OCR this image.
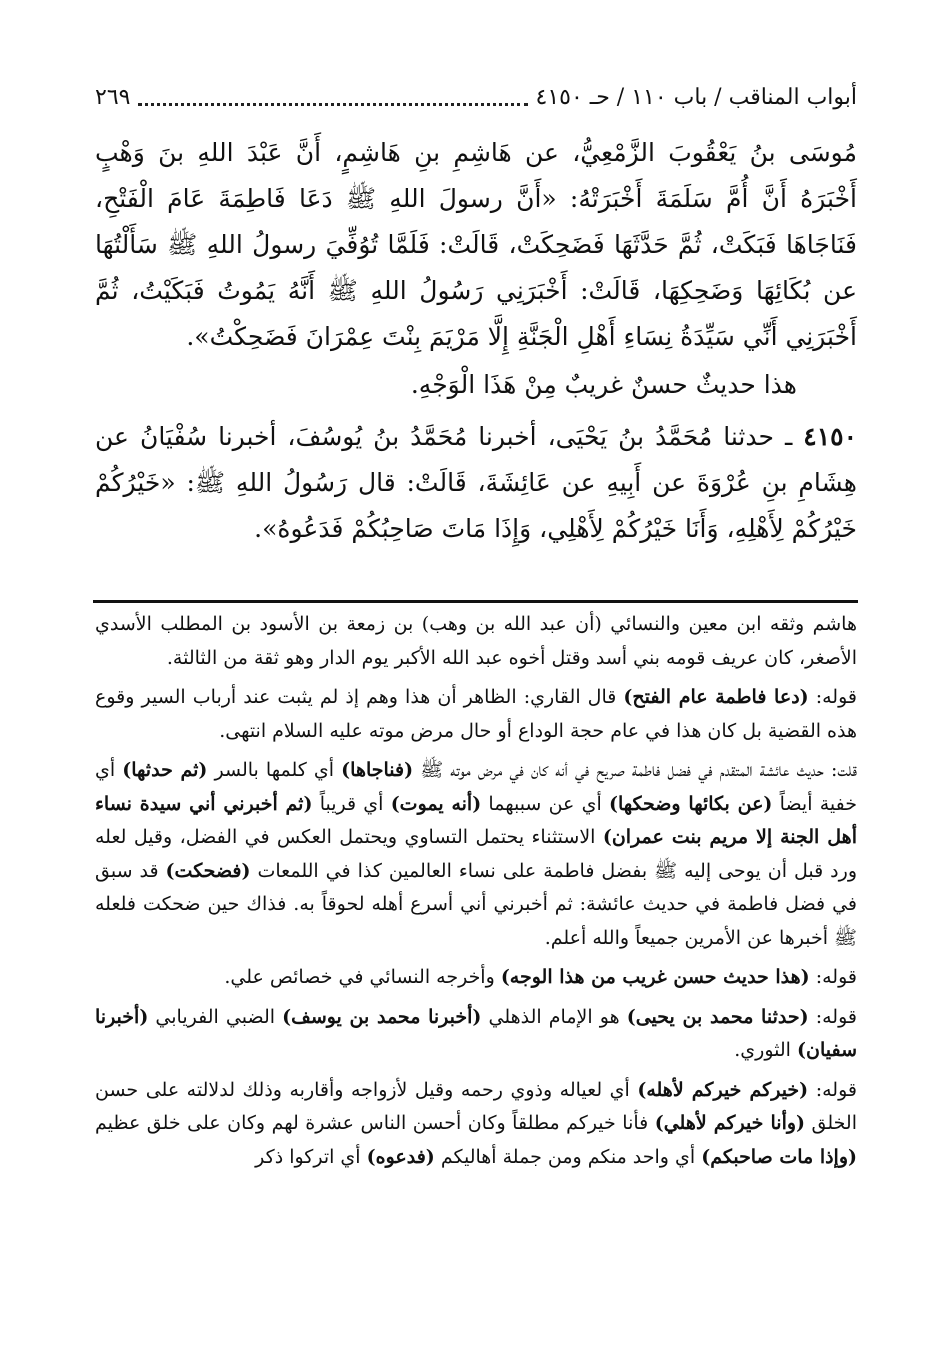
أبواب المناقب / باب ١١٠ / حـ ٤١٥٠
٢٦٩

مُوسَى بنُ يَعْقُوبَ الزَّمْعِيُّ، عن هَاشِمِ بنِ هَاشِمٍ، أَنَّ عَبْدَ اللهِ بنَ وَهْبٍ أَخْبَرَهُ أَنَّ أُمَّ سَلَمَةَ أَخْبَرَتْهُ: «أَنَّ رسولَ اللهِ ﷺ دَعَا فَاطِمَةَ عَامَ الْفَتْحِ، فَنَاجَاهَا فَبَكَتْ، ثُمَّ حَدَّثَهَا فَضَحِكَتْ، قَالَتْ: فَلَمَّا تُوُفِّيَ رسولُ اللهِ ﷺ سَأَلْتُهَا عن بُكَائِهَا وَضَحِكِهَا، قَالَتْ: أَخْبَرَنِي رَسُولُ اللهِ ﷺ أَنَّهُ يَمُوتُ فَبَكَيْتُ، ثُمَّ أَخْبَرَنِي أَنِّي سَيِّدَةُ نِسَاءِ أَهْلِ الْجَنَّةِ إِلَّا مَرْيَمَ بِنْتَ عِمْرَانَ فَضَحِكْتُ».

هذا حديثٌ حسنٌ غريبٌ مِنْ هَذَا الْوَجْهِ.

٤١٥٠ ـ حدثنا مُحَمَّدُ بنُ يَحْيَى، أخبرنا مُحَمَّدُ بنُ يُوسُفَ، أخبرنا سُفْيَانُ عن هِشَامِ بنِ عُرْوَةَ عن أَبِيهِ عن عَائِشَةَ، قَالَتْ: قال رَسُولُ اللهِ ﷺ: «خَيْرُكُمْ خَيْرُكُمْ لِأَهْلِهِ، وَأَنَا خَيْرُكُمْ لِأَهْلِي، وَإِذَا مَاتَ صَاحِبُكُمْ فَدَعُوهُ».

هاشم وثقه ابن معين والنسائي (أن عبد الله بن وهب) بن زمعة بن الأسود بن المطلب الأسدي الأصغر، كان عريف قومه بني أسد وقتل أخوه عبد الله الأكبر يوم الدار وهو ثقة من الثالثة.

قوله: (دعا فاطمة عام الفتح) قال القاري: الظاهر أن هذا وهم إذ لم يثبت عند أرباب السير وقوع هذه القضية بل كان هذا في عام حجة الوداع أو حال مرض موته عليه السلام انتهى.

قلت: حديث عائشة المتقدم في فضل فاطمة صريح في أنه كان في مرض موته ﷺ (فناجاها) أي كلمها بالسر (ثم حدثها) أي خفية أيضاً (عن بكائها وضحكها) أي عن سببهما (أنه يموت) أي قريباً (ثم أخبرني أني سيدة نساء أهل الجنة إلا مريم بنت عمران) الاستثناء يحتمل التساوي ويحتمل العكس في الفضل، وقيل لعله ورد قبل أن يوحى إليه ﷺ بفضل فاطمة على نساء العالمين كذا في اللمعات (فضحكت) قد سبق في فضل فاطمة في حديث عائشة: ثم أخبرني أني أسرع أهله لحوقاً به. فذاك حين ضحكت فلعله ﷺ أخبرها عن الأمرين جميعاً والله أعلم.

قوله: (هذا حديث حسن غريب من هذا الوجه) وأخرجه النسائي في خصائص علي.

قوله: (حدثنا محمد بن يحيى) هو الإمام الذهلي (أخبرنا محمد بن يوسف) الضبي الفريابي (أخبرنا سفيان) الثوري.

قوله: (خيركم خيركم لأهله) أي لعياله وذوي رحمه وقيل لأزواجه وأقاربه وذلك لدلالته على حسن الخلق (وأنا خيركم لأهلي) فأنا خيركم مطلقاً وكان أحسن الناس عشرة لهم وكان على خلق عظيم (وإذا مات صاحبكم) أي واحد منكم ومن جملة أهاليكم (فدعوه) أي اتركوا ذكر
